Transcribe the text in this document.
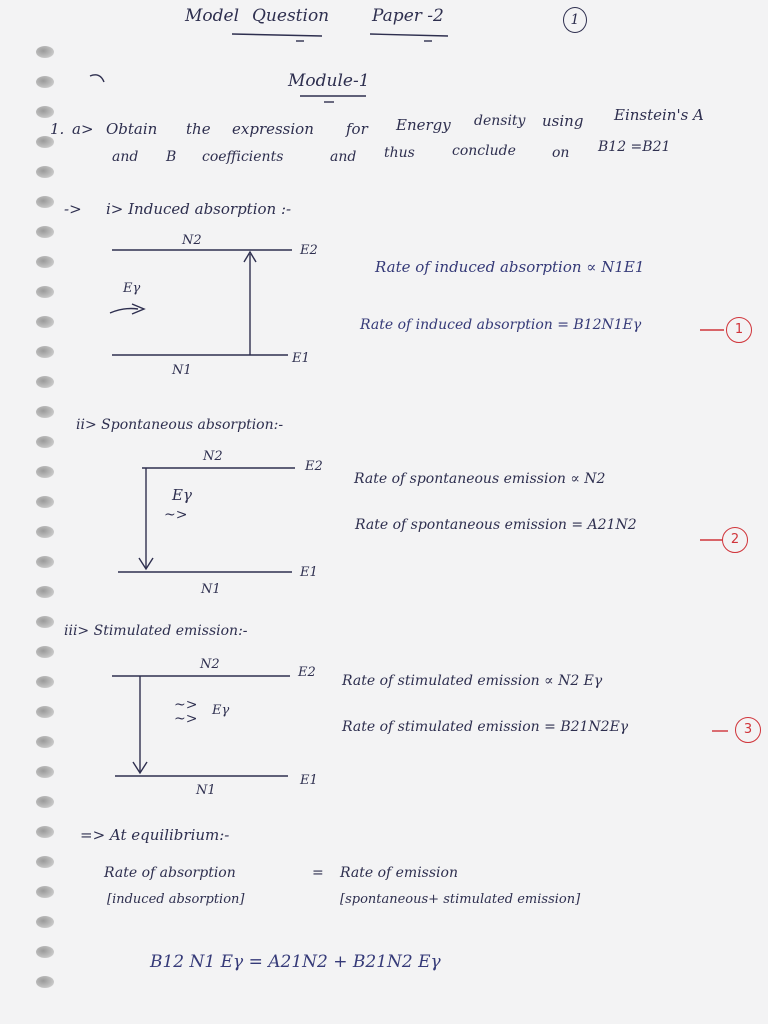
Model Question	Paper -2	1
Module-1
1. a> Obtain the expression for Energy density using Einstein's A
and B coefficients	and thus	conclude	on B12 =B21
-> i> Induced absorption :-
N2
E2
Eγ
N1
E1
Rate of induced absorption ∝ N1E1
Rate of induced absorption = B12N1Eγ	1
ii> Spontaneous absorption:-
N2
E2
Eγ
~>
N1
E1
Rate of spontaneous emission ∝ N2
Rate of spontaneous emission = A21N2
2
iii> Stimulated emission:-
N2
E2
~>
~>
Eγ
N1
E1
Rate of stimulated emission ∝ N2 Eγ
Rate of stimulated emission = B21N2Eγ	3
=> At equilibrium:-
Rate of absorption	= Rate of emission
[induced absorption]	[spontaneous+ stimulated emission]
B12 N1 Eγ = A21N2 + B21N2 Eγ
